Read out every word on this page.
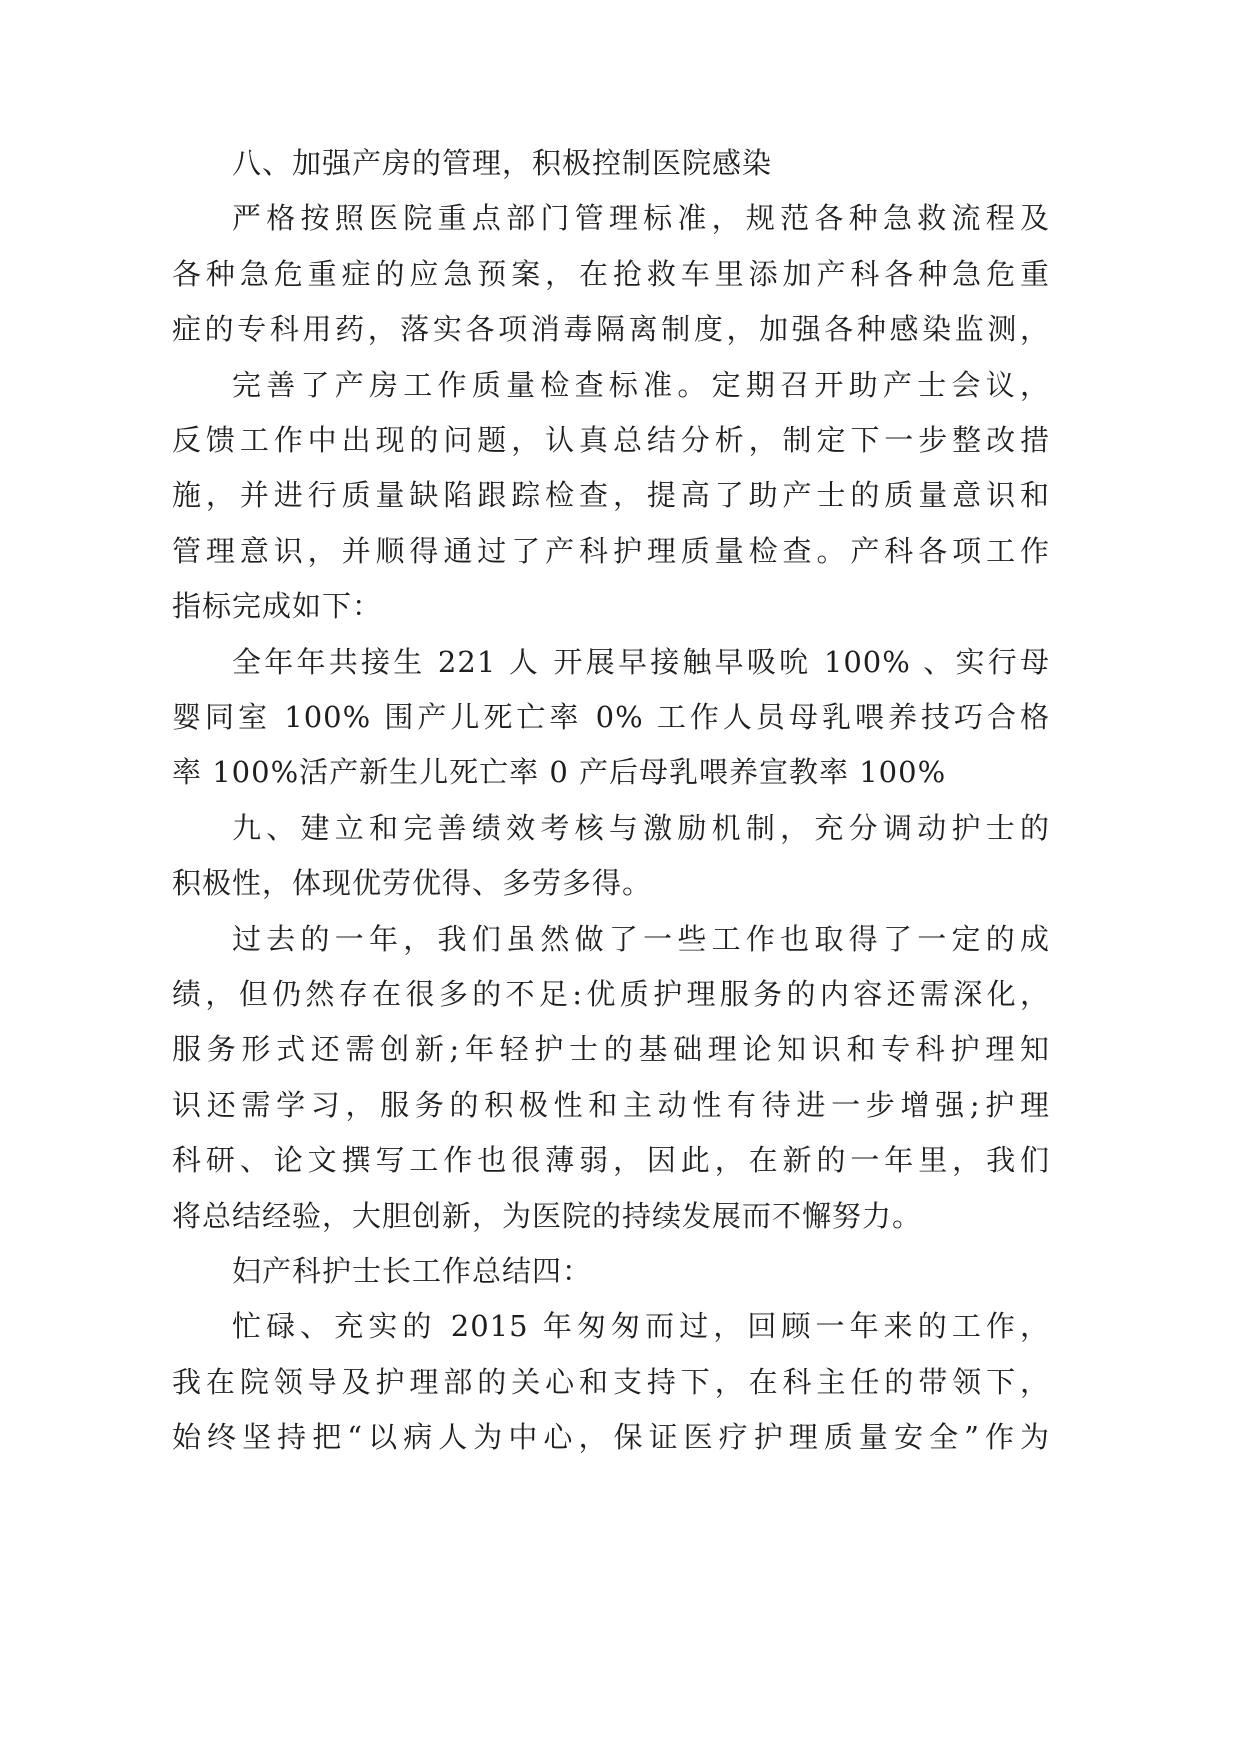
八、加强产房的管理，积极控制医院感染
严格按照医院重点部门管理标准，规范各种急救流程及
各种急危重症的应急预案，在抢救车里添加产科各种急危重
症的专科用药，落实各项消毒隔离制度，加强各种感染监测，
完善了产房工作质量检查标准。定期召开助产士会议，
反馈工作中出现的问题，认真总结分析，制定下一步整改措
施，并进行质量缺陷跟踪检查，提高了助产士的质量意识和
管理意识，并顺得通过了产科护理质量检查。产科各项工作
指标完成如下：
全年年共接生 221 人 开展早接触早吸吮 100% 、实行母
婴同室 100% 围产儿死亡率 0% 工作人员母乳喂养技巧合格
率 100%活产新生儿死亡率 0 产后母乳喂养宣教率 100%
九、建立和完善绩效考核与激励机制，充分调动护士的
积极性，体现优劳优得、多劳多得。
过去的一年，我们虽然做了一些工作也取得了一定的成
绩，但仍然存在很多的不足:优质护理服务的内容还需深化，
服务形式还需创新;年轻护士的基础理论知识和专科护理知
识还需学习，服务的积极性和主动性有待进一步增强;护理
科研、论文撰写工作也很薄弱，因此，在新的一年里，我们
将总结经验，大胆创新，为医院的持续发展而不懈努力。
妇产科护士长工作总结四：
忙碌、充实的 2015 年匆匆而过，回顾一年来的工作，
我在院领导及护理部的关心和支持下，在科主任的带领下，
始终坚持把“以病人为中心，保证医疗护理质量安全”作为
